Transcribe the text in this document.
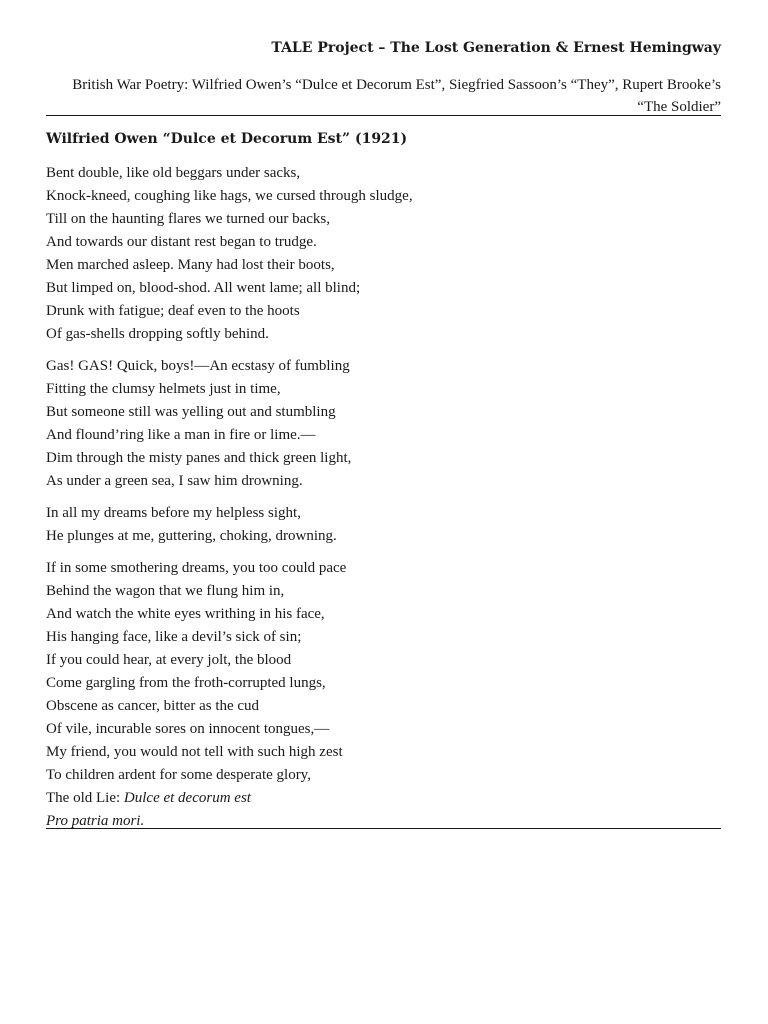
TALE Project – The Lost Generation & Ernest Hemingway
British War Poetry: Wilfried Owen’s “Dulce et Decorum Est”, Siegfried Sassoon’s “They”, Rupert Brooke’s
“The Soldier”
Wilfried Owen “Dulce et Decorum Est” (1921)
Bent double, like old beggars under sacks,
Knock-kneed, coughing like hags, we cursed through sludge,
Till on the haunting flares we turned our backs,
And towards our distant rest began to trudge.
Men marched asleep. Many had lost their boots,
But limped on, blood-shod. All went lame; all blind;
Drunk with fatigue; deaf even to the hoots
Of gas-shells dropping softly behind.
Gas! GAS! Quick, boys!—An ecstasy of fumbling
Fitting the clumsy helmets just in time,
But someone still was yelling out and stumbling
And flound’ring like a man in fire or lime.—
Dim through the misty panes and thick green light,
As under a green sea, I saw him drowning.
In all my dreams before my helpless sight,
He plunges at me, guttering, choking, drowning.
If in some smothering dreams, you too could pace
Behind the wagon that we flung him in,
And watch the white eyes writhing in his face,
His hanging face, like a devil’s sick of sin;
If you could hear, at every jolt, the blood
Come gargling from the froth-corrupted lungs,
Obscene as cancer, bitter as the cud
Of vile, incurable sores on innocent tongues,—
My friend, you would not tell with such high zest
To children ardent for some desperate glory,
The old Lie: Dulce et decorum est
Pro patria mori.
